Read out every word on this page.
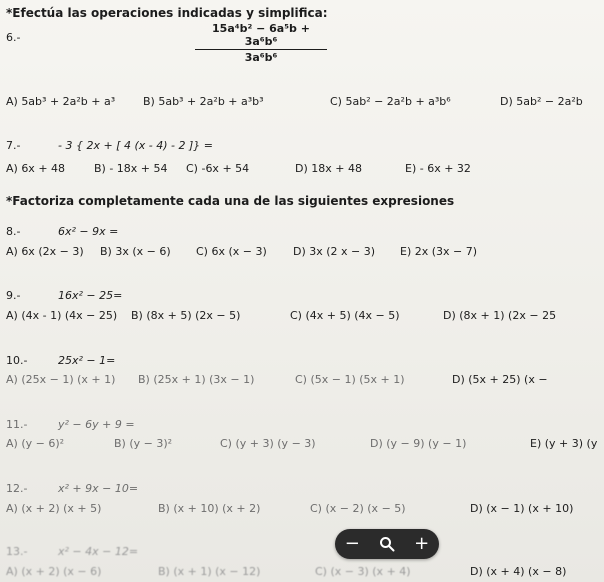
*Efectúa las operaciones indicadas y simplifica:
6.-
15a⁴b² − 6a⁵b + 3a⁶b⁶
3a⁶b⁶
A) 5ab³ + 2a²b + a³	B) 5ab³ + 2a²b + a³b³	C) 5ab² − 2a²b + a³b⁶	D) 5ab² − 2a²b
7.-	- 3 { 2x + [ 4 (x - 4) - 2 ]} =
A) 6x + 48	B) - 18x + 54 C) -6x + 54	D) 18x + 48	E) - 6x + 32
*Factoriza completamente cada una de las siguientes expresiones
8.-	6x² − 9x =
A) 6x (2x − 3) B) 3x (x − 6) C) 6x (x − 3) D) 3x (2 x − 3) E) 2x (3x − 7)
9.-	16x² − 25=
A) (4x - 1) (4x − 25) B) (8x + 5) (2x − 5)	C) (4x + 5) (4x − 5)	D) (8x + 1) (2x − 25
10.-	25x² − 1=
A) (25x − 1) (x + 1) B) (25x + 1) (3x − 1)	C) (5x − 1) (5x + 1)	D) (5x + 25) (x −
11.-	y² − 6y + 9 =
A) (y − 6)²	B) (y − 3)²	C) (y + 3) (y − 3)	D) (y − 9) (y − 1)	E) (y + 3) (y
12.-	x² + 9x − 10=
A) (x + 2) (x + 5)	B) (x + 10) (x + 2)	C) (x − 2) (x − 5)	D) (x − 1) (x + 10)
13.-	x² − 4x − 12=
A) (x + 2) (x − 6)	B) (x + 1) (x − 12)	C) (x − 3) (x + 4)	D) (x + 4) (x − 8)
−	+
